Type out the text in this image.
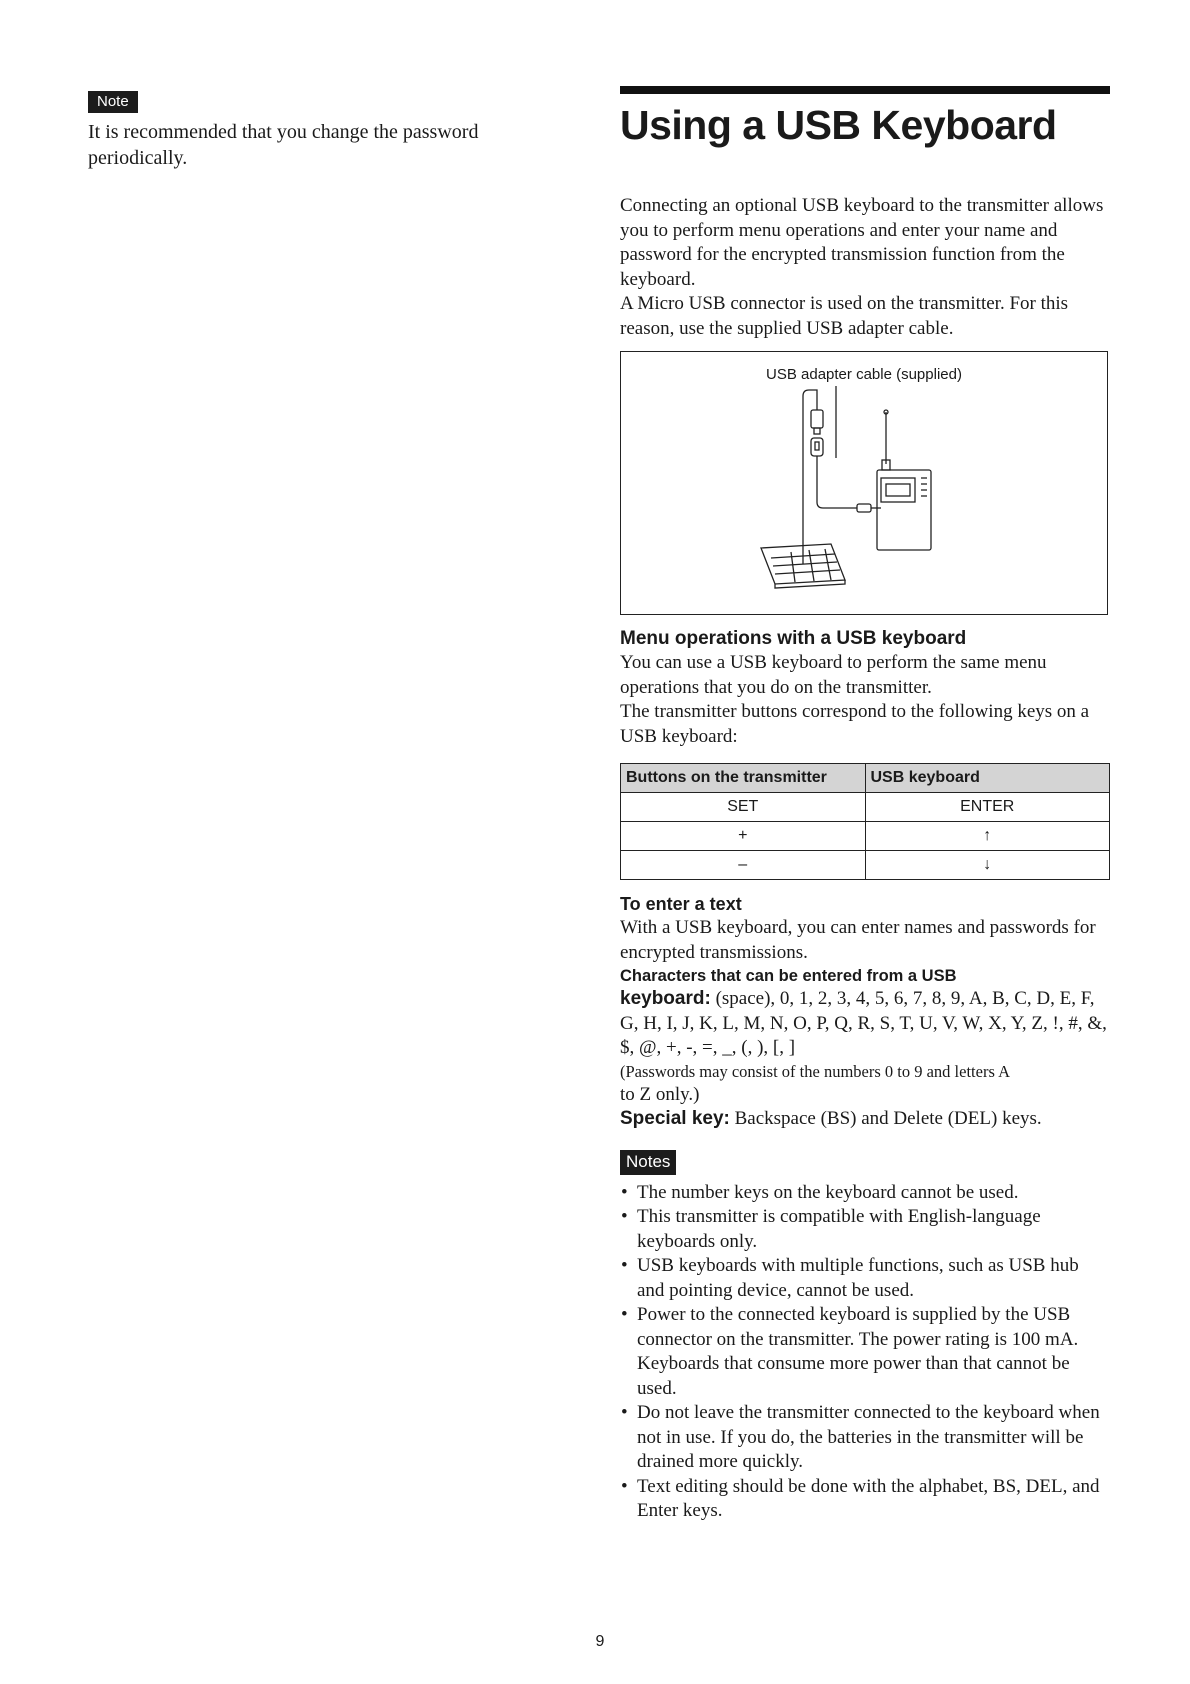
Note

It is recommended that you change the password periodically.

Using a USB Keyboard

Connecting an optional USB keyboard to the transmitter allows you to perform menu operations and enter your name and password for the encrypted transmission function from the keyboard.

A Micro USB connector is used on the transmitter. For this reason, use the supplied USB adapter cable.

USB adapter cable (supplied)
Menu operations with a USB keyboard

You can use a USB keyboard to perform the same menu operations that you do on the transmitter.

The transmitter buttons correspond to the following keys on a USB keyboard:

Buttons on the transmitter	USB keyboard
SET	ENTER
+	↑
–	↓
To enter a text

With a USB keyboard, you can enter names and passwords for encrypted transmissions.

Characters that can be entered from a USB

keyboard: (space), 0, 1, 2, 3, 4, 5, 6, 7, 8, 9, A, B, C, D, E, F, G, H, I, J, K, L, M, N, O, P, Q, R, S, T, U, V, W, X, Y, Z, !, #, &, $, @, +, -, =, _, (, ), [, ]

(Passwords may consist of the numbers 0 to 9 and letters A

to Z only.)

Special key: Backspace (BS) and Delete (DEL) keys.

Notes
• The number keys on the keyboard cannot be used.
• This transmitter is compatible with English-language keyboards only.
• USB keyboards with multiple functions, such as USB hub and pointing device, cannot be used.
• Power to the connected keyboard is supplied by the USB connector on the transmitter. The power rating is 100 mA. Keyboards that consume more power than that cannot be used.
• Do not leave the transmitter connected to the keyboard when not in use. If you do, the batteries in the transmitter will be drained more quickly.
• Text editing should be done with the alphabet, BS, DEL, and Enter keys.
9
